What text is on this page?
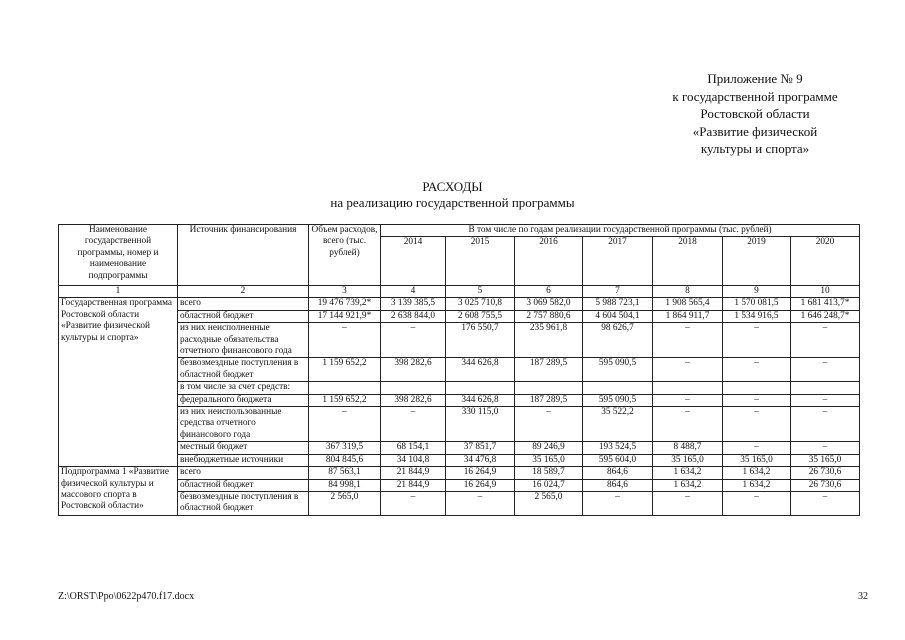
Приложение № 9
к государственной программе
Ростовской области
«Развитие физической
культуры и спорта»
РАСХОДЫ
на реализацию государственной программы
Наименование государственной программы, номер и наименование подпрограммы	Источник финансирования	Объем расходов, всего (тыс. рублей)	В том числе по годам реализации государственной программы (тыс. рублей)						
			2014	2015	2016	2017	2018	2019	2020
1	2	3	4	5	6	7	8	9	10
Государственная программа Ростовской области «Развитие физической культуры и спорта»	всего	19 476 739,2*	3 139 385,5	3 025 710,8	3 069 582,0	5 988 723,1	1 908 565,4	1 570 081,5	1 681 413,7*
	областной бюджет	17 144 921,9*	2 638 844,0	2 608 755,5	2 757 880,6	4 604 504,1	1 864 911,7	1 534 916,5	1 646 248,7*
	из них неисполненные расходные обязательства отчетного финансового года	–	–	176 550,7	235 961,8	98 626,7	–	–	–
	безвозмездные поступления в областной бюджет	1 159 652,2	398 282,6	344 626,8	187 289,5	595 090,5	–	–	–
	в том числе за счет средств:								
	федерального бюджета	1 159 652,2	398 282,6	344 626,8	187 289,5	595 090,5	–	–	–
	из них неиспользованные средства отчетного финансового года	–	–	330 115,0	–	35 522,2	–	–	–
	местный бюджет	367 319,5	68 154,1	37 851,7	89 246,9	193 524,5	8 488,7	–	–
	внебюджетные источники	804 845,6	34 104,8	34 476,8	35 165,0	595 604,0	35 165,0	35 165,0	35 165,0
Подпрограмма 1 «Развитие физической культуры и массового спорта в Ростовской области»	всего	87 563,1	21 844,9	16 264,9	18 589,7	864,6	1 634,2	1 634,2	26 730,6
	областной бюджет	84 998,1	21 844,9	16 264,9	16 024,7	864,6	1 634,2	1 634,2	26 730,6
	безвозмездные поступления в областной бюджет	2 565,0	–	–	2 565,0	–	–	–	–
Z:\ORST\Ppo\0622p470.f17.docx	32
